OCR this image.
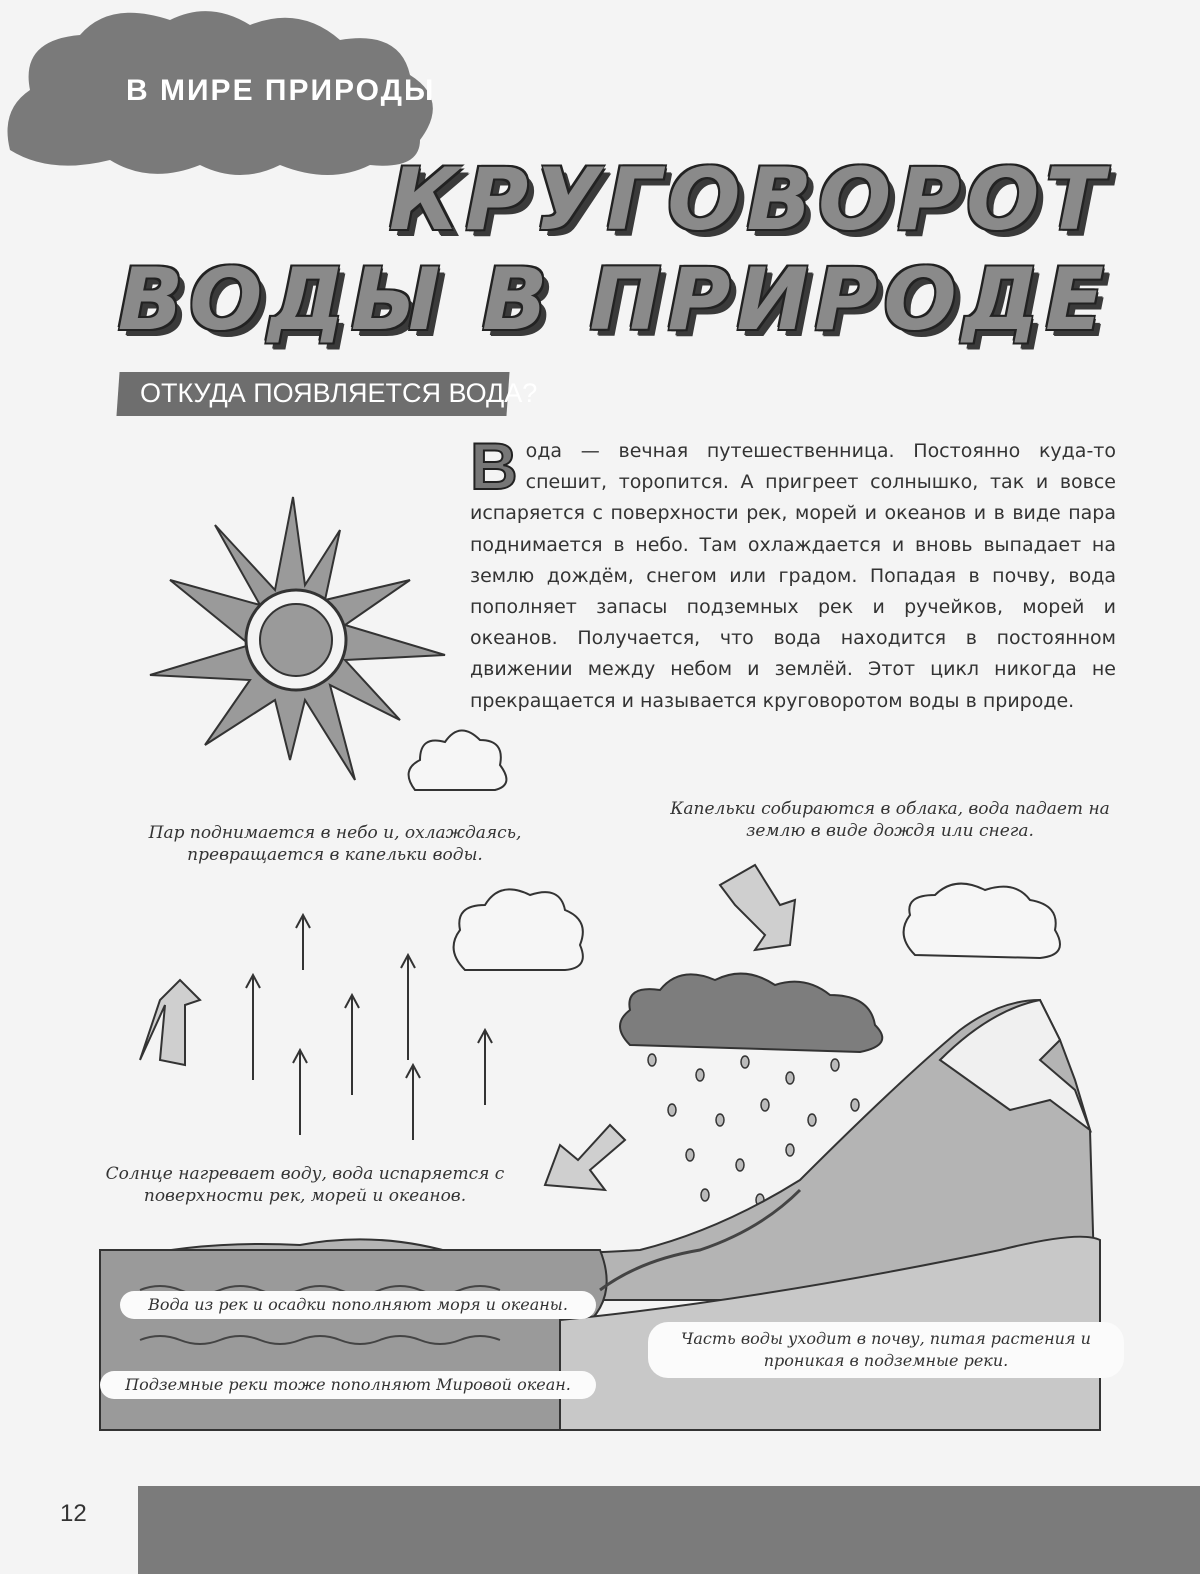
В МИРЕ ПРИРОДЫ
КРУГОВОРОТ
ВОДЫ В ПРИРОДЕ
ОТКУДА ПОЯВЛЯЕТСЯ ВОДА?
В ода — вечная путешественница. Постоянно куда-то спешит, торопится. А пригреет солнышко, так и вовсе испаряется с поверхности рек, морей и океанов и в виде пара поднимается в небо. Там охлаждается и вновь выпадает на землю дождём, снегом или градом. Попадая в почву, вода пополняет запасы подземных рек и ручейков, морей и океанов. Получается, что вода находится в постоянном движении между небом и землёй. Этот цикл никогда не прекращается и называется круговоротом воды в природе.
Пар поднимается в небо и, охлаждаясь, превращается в капельки воды.
Капельки собираются в облака, вода падает на землю в виде дождя или снега.
Солнце нагревает воду, вода испаряется с поверхности рек, морей и океанов.
Вода из рек и осадки пополняют моря и океаны.
Часть воды уходит в почву, питая растения и проникая в подземные реки.
Подземные реки тоже пополняют Мировой океан.
12
